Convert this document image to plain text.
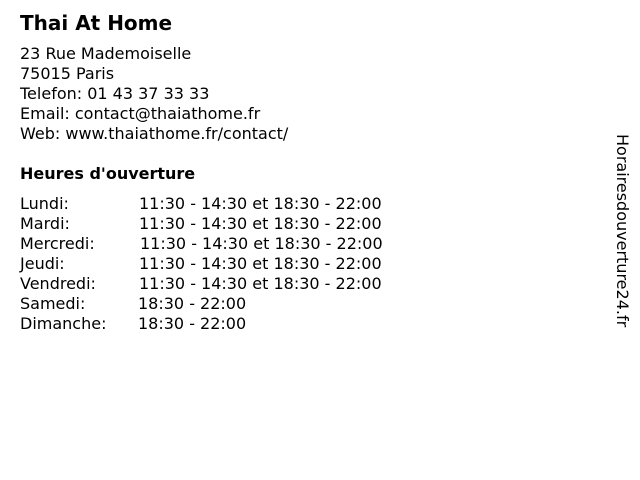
Thai At Home
23 Rue Mademoiselle
75015 Paris
Telefon: 01 43 37 33 33
Email: contact@thaiathome.fr
Web: www.thaiathome.fr/contact/
Heures d'ouverture
Lundi:	11:30 - 14:30 et 18:30 - 22:00
Mardi:	11:30 - 14:30 et 18:30 - 22:00
Mercredi:	11:30 - 14:30 et 18:30 - 22:00
Jeudi:	11:30 - 14:30 et 18:30 - 22:00
Vendredi:	11:30 - 14:30 et 18:30 - 22:00
Samedi:	18:30 - 22:00
Dimanche: 18:30 - 22:00	Horairesdouverture24.fr
